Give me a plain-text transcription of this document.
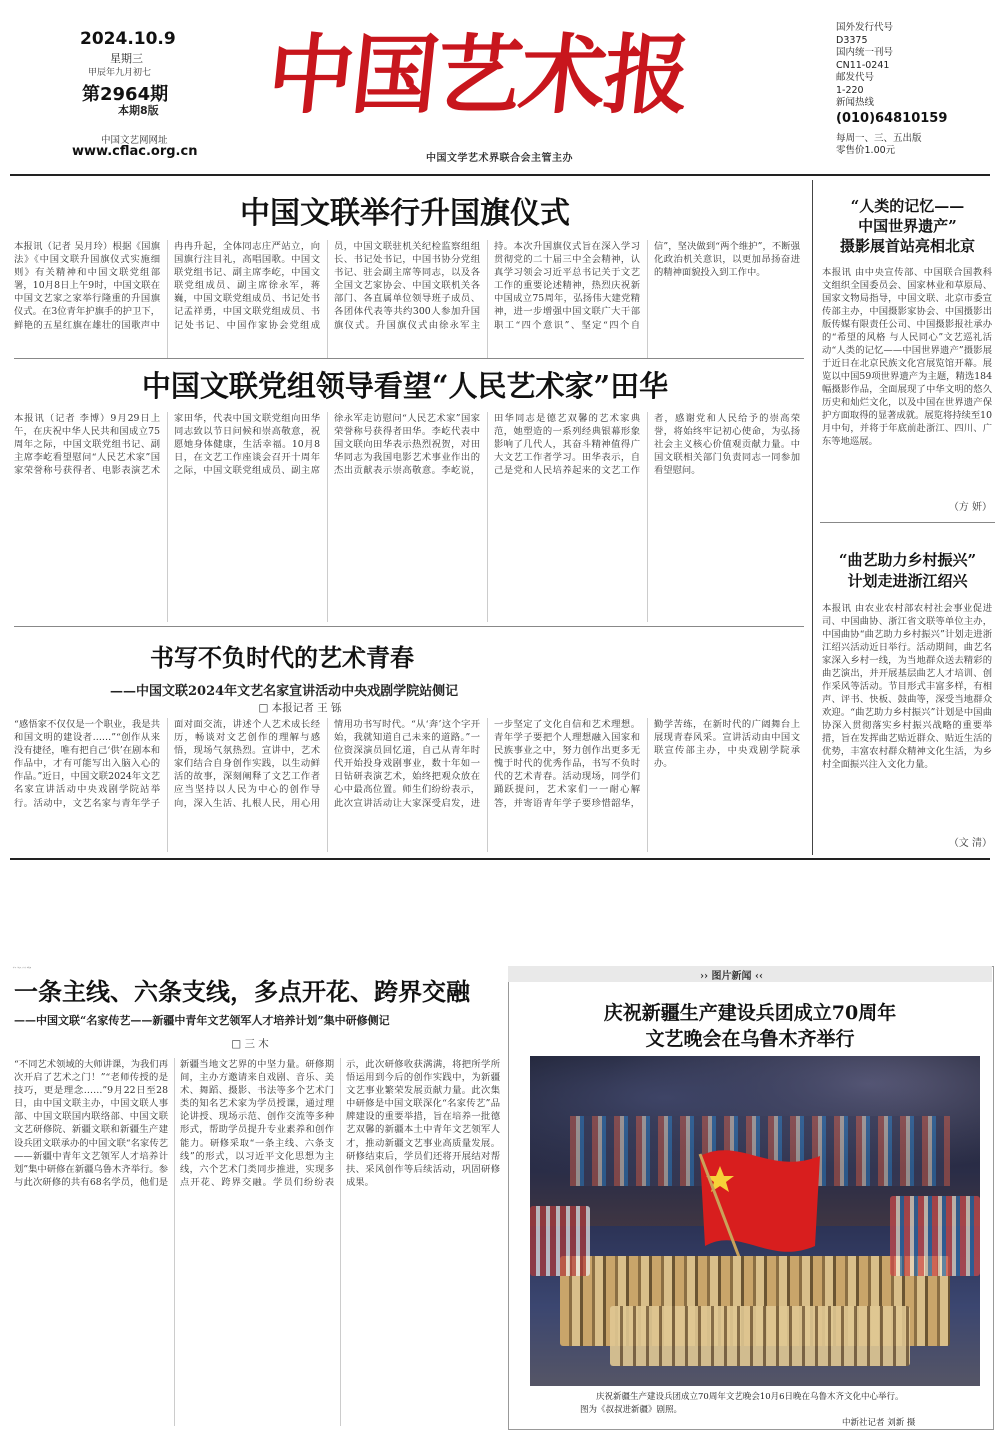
2024.10.9
星期三
甲辰年九月初七
第2964期
本期8版
中国文艺网网址
www.cflac.org.cn
中国艺术报
中国文学艺术界联合会主管主办
国外发行代号
D3375
国内统一刊号
CN11-0241
邮发代号
1-220
新闻热线
(010)64810159
每周一、三、五出版
零售价1.00元
中国文联举行升国旗仪式
本报讯（记者 吴月玲）根据《国旗法》《中国文联升国旗仪式实施细则》有关精神和中国文联党组部署，10月8日上午9时，中国文联在中国文艺家之家举行隆重的升国旗仪式。在3位青年护旗手的护卫下，鲜艳的五星红旗在雄壮的国歌声中冉冉升起，全体同志庄严站立，向国旗行注目礼，高唱国歌。中国文联党组书记、副主席李屹，中国文联党组成员、副主席徐永军，蒋巍，中国文联党组成员、书记处书记孟祥勇，中国文联党组成员、书记处书记、中国作家协会党组成员，中国文联驻机关纪检监察组组长、书记处书记，中国书协分党组书记、驻会副主席等同志，以及各全国文艺家协会、中国文联机关各部门、各直属单位领导班子成员、各团体代表等共约300人参加升国旗仪式。升国旗仪式由徐永军主持。本次升国旗仪式旨在深入学习贯彻党的二十届三中全会精神，认真学习领会习近平总书记关于文艺工作的重要论述精神，热烈庆祝新中国成立75周年，弘扬伟大建党精神，进一步增强中国文联广大干部职工“四个意识”、坚定“四个自信”，坚决做到“两个维护”，不断强化政治机关意识，以更加昂扬奋进的精神面貌投入到工作中。
中国文联党组领导看望“人民艺术家”田华
本报讯（记者 李博）9月29日上午，在庆祝中华人民共和国成立75周年之际，中国文联党组书记、副主席李屹看望慰问“人民艺术家”国家荣誉称号获得者、电影表演艺术家田华，代表中国文联党组向田华同志致以节日问候和崇高敬意，祝愿她身体健康，生活幸福。10月8日，在文艺工作座谈会召开十周年之际，中国文联党组成员、副主席徐永军走访慰问“人民艺术家”国家荣誉称号获得者田华。李屹代表中国文联向田华表示热烈祝贺，对田华同志为我国电影艺术事业作出的杰出贡献表示崇高敬意。李屹说，田华同志是德艺双馨的艺术家典范，她塑造的一系列经典银幕形象影响了几代人，其奋斗精神值得广大文艺工作者学习。田华表示，自己是党和人民培养起来的文艺工作者，感谢党和人民给予的崇高荣誉，将始终牢记初心使命，为弘扬社会主义核心价值观贡献力量。中国文联相关部门负责同志一同参加看望慰问。
书写不负时代的艺术青春
——中国文联2024年文艺名家宣讲活动中央戏剧学院站侧记
□ 本报记者 王 铄
“感悟家不仅仅是一个职业，我是共和国文明的建设者……”“创作从来没有捷径，唯有把自己‘供’在剧本和作品中，才有可能写出入脑入心的作品。”近日，中国文联2024年文艺名家宣讲活动中央戏剧学院站举行。活动中，文艺名家与青年学子面对面交流，讲述个人艺术成长经历，畅谈对文艺创作的理解与感悟，现场气氛热烈。宣讲中，艺术家们结合自身创作实践，以生动鲜活的故事，深刻阐释了文艺工作者应当坚持以人民为中心的创作导向，深入生活、扎根人民，用心用情用功书写时代。“从‘奔’这个字开始，我就知道自己未来的道路。”一位资深演员回忆道，自己从青年时代开始投身戏剧事业，数十年如一日钻研表演艺术，始终把观众放在心中最高位置。师生们纷纷表示，此次宣讲活动让大家深受启发，进一步坚定了文化自信和艺术理想。青年学子要把个人理想融入国家和民族事业之中，努力创作出更多无愧于时代的优秀作品，书写不负时代的艺术青春。活动现场，同学们踊跃提问，艺术家们一一耐心解答，并寄语青年学子要珍惜韶华，勤学苦练，在新时代的广阔舞台上展现青春风采。宣讲活动由中国文联宣传部主办，中央戏剧学院承办。
“人类的记忆——
中国世界遗产”
摄影展首站亮相北京
本报讯 由中央宣传部、中国联合国教科文组织全国委员会、国家林业和草原局、国家文物局指导，中国文联、北京市委宣传部主办，中国摄影家协会、中国摄影出版传媒有限责任公司、中国摄影报社承办的“希望的风格 与人民同心”文艺巡礼活动“人类的记忆——中国世界遗产”摄影展于近日在北京民族文化宫展览馆开幕。展览以中国59项世界遗产为主题，精选184幅摄影作品，全面展现了中华文明的悠久历史和灿烂文化，以及中国在世界遗产保护方面取得的显著成就。展览将持续至10月中旬，并将于年底前赴浙江、四川、广东等地巡展。
（方 妍）
“曲艺助力乡村振兴”
计划走进浙江绍兴
本报讯 由农业农村部农村社会事业促进司、中国曲协、浙江省文联等单位主办，中国曲协“曲艺助力乡村振兴”计划走进浙江绍兴活动近日举行。活动期间，曲艺名家深入乡村一线，为当地群众送去精彩的曲艺演出，并开展基层曲艺人才培训、创作采风等活动。节目形式丰富多样，有相声、评书、快板、鼓曲等，深受当地群众欢迎。“曲艺助力乡村振兴”计划是中国曲协深入贯彻落实乡村振兴战略的重要举措，旨在发挥曲艺贴近群众、贴近生活的优势，丰富农村群众精神文化生活，为乡村全面振兴注入文化力量。
（文 清）
一条主线、六条支线，多点开花、跨界交融
一条主线、六条支线，多点开花、跨界交融
——中国文联“名家传艺——新疆中青年文艺领军人才培养计划”集中研修侧记
□ 三 木
“不同艺术领域的大师讲课，为我们再次开启了艺术之门！”“老师传授的是技巧，更是理念……”9月22日至28日，由中国文联主办，中国文联人事部、中国文联国内联络部、中国文联文艺研修院、新疆文联和新疆生产建设兵团文联承办的中国文联“名家传艺——新疆中青年文艺领军人才培养计划”集中研修在新疆乌鲁木齐举行。参与此次研修的共有68名学员，他们是新疆当地文艺界的中坚力量。研修期间，主办方邀请来自戏剧、音乐、美术、舞蹈、摄影、书法等多个艺术门类的知名艺术家为学员授课，通过理论讲授、现场示范、创作交流等多种形式，帮助学员提升专业素养和创作能力。研修采取“一条主线、六条支线”的形式，以习近平文化思想为主线，六个艺术门类同步推进，实现多点开花、跨界交融。学员们纷纷表示，此次研修收获满满，将把所学所悟运用到今后的创作实践中，为新疆文艺事业繁荣发展贡献力量。此次集中研修是中国文联深化“名家传艺”品牌建设的重要举措，旨在培养一批德艺双馨的新疆本土中青年文艺领军人才，推动新疆文艺事业高质量发展。研修结束后，学员们还将开展结对帮扶、采风创作等后续活动，巩固研修成果。
›› 图片新闻 ‹‹
庆祝新疆生产建设兵团成立70周年
文艺晚会在乌鲁木齐举行
庆祝新疆生产建设兵团成立70周年文艺晚会10月6日晚在乌鲁木齐文化中心举行。
图为《叔叔进新疆》剧照。
中新社记者 刘新 摄
